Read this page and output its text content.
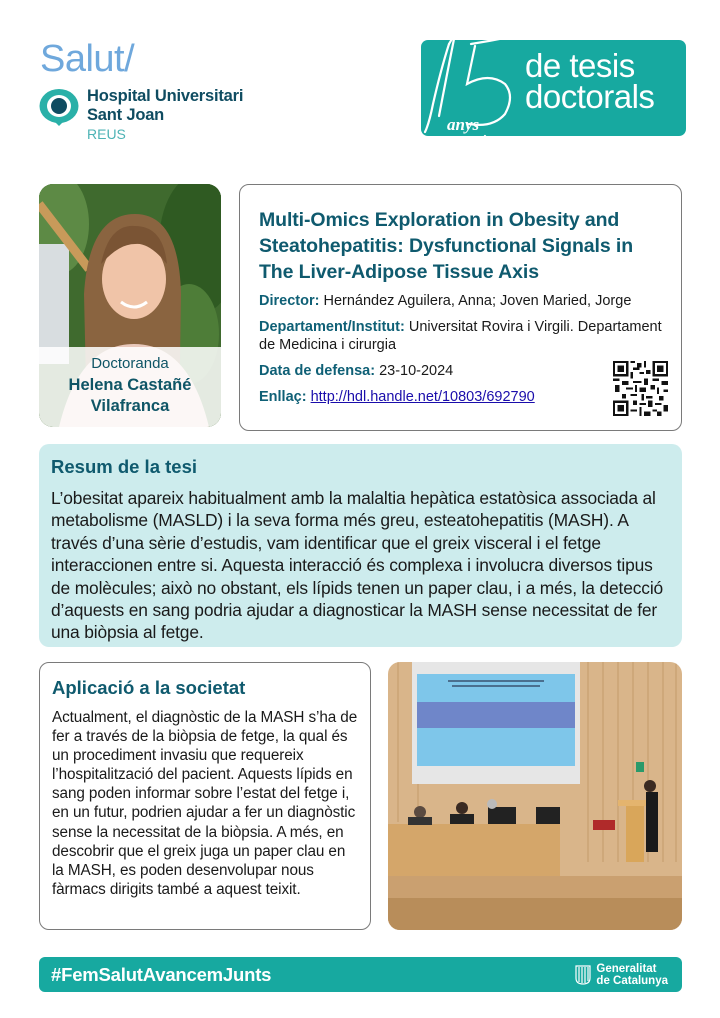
Salut/
Hospital Universitari
Sant Joan
REUS	anys
de tesis
doctorals
Doctoranda
Helena Castañé
Vilafranca
Multi-Omics Exploration in Obesity and Steatohepatitis: Dysfunctional Signals in The Liver-Adipose Tissue Axis
Director: Hernández Aguilera, Anna; Joven Maried, Jorge
Departament/Institut: Universitat Rovira i Virgili. Departament de Medicina i cirurgia
Data de defensa: 23-10-2024
Enllaç: http://hdl.handle.net/10803/692790
Resum de la tesi
L’obesitat apareix habitualment amb la malaltia hepàtica estatòsica associada al metabolisme (MASLD) i la seva forma més greu, esteatohepatitis (MASH). A través d’una sèrie d’estudis, vam identificar que el greix visceral i el fetge interaccionen entre si. Aquesta interacció és complexa i involucra diversos tipus de molècules; això no obstant, els lípids tenen un paper clau, i a més, la detecció d’aquests en sang podria ajudar a diagnosticar la MASH sense necessitat de fer una biòpsia al fetge.
Aplicació a la societat
Actualment, el diagnòstic de la MASH s’ha de fer a través de la biòpsia de fetge, la qual és un procediment invasiu que requereix l’hospitalització del pacient. Aquests lípids en sang poden informar sobre l’estat del fetge i, en un futur, podrien ajudar a fer un diagnòstic sense la necessitat de la biòpsia. A més, en descobrir que el greix juga un paper clau en la MASH, es poden desenvolupar nous fàrmacs dirigits també a aquest teixit.
#FemSalutAvancemJunts	Generalitat
de Catalunya
